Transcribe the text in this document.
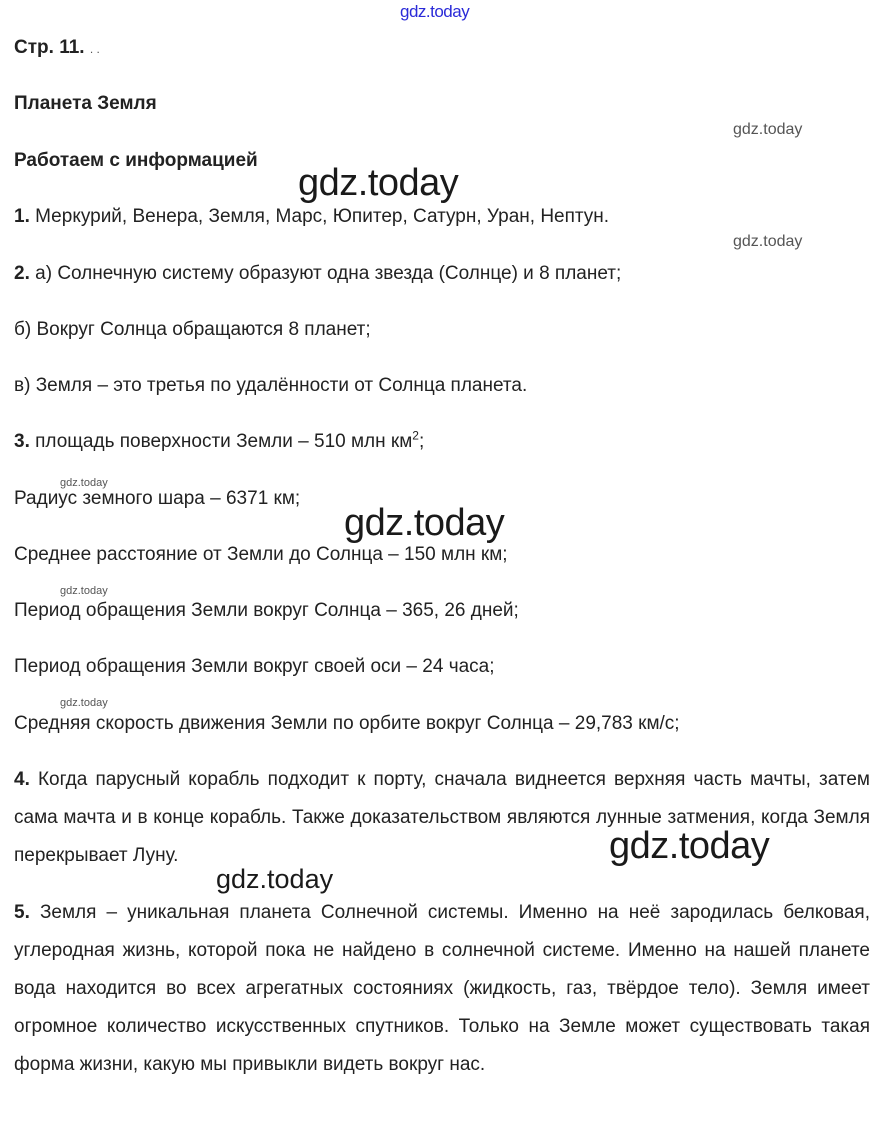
gdz.today
gdz.today
gdz.today
gdz.today
gdz.today
gdz.today
gdz.today
gdz.today
gdz.today
gdz.today
Стр. 11. . .
Планета Земля
Работаем с информацией
1. Меркурий, Венера, Земля, Марс, Юпитер, Сатурн, Уран, Нептун.
2. а) Солнечную систему образуют одна звезда (Солнце) и 8 планет;
б) Вокруг Солнца обращаются 8 планет;
в) Земля – это третья по удалённости от Солнца планета.
3. площадь поверхности Земли – 510 млн $км^2$;
Радиус земного шара – 6371 км;
Среднее расстояние от Земли до Солнца – 150 млн км;
Период обращения Земли вокруг Солнца – 365, 26 дней;
Период обращения Земли вокруг своей оси – 24 часа;
Средняя скорость движения Земли по орбите вокруг Солнца – 29,783 км/с;
4. Когда парусный корабль подходит к порту, сначала виднеется верхняя часть мачты, затем сама мачта и в конце корабль. Также доказательством являются лунные затмения, когда Земля перекрывает Луну.
5. Земля – уникальная планета Солнечной системы. Именно на неё зародилась белковая, углеродная жизнь, которой пока не найдено в солнечной системе. Именно на нашей планете вода находится во всех агрегатных состояниях (жидкость, газ, твёрдое тело). Земля имеет огромное количество искусственных спутников. Только на Земле может существовать такая форма жизни, какую мы привыкли видеть вокруг нас.
